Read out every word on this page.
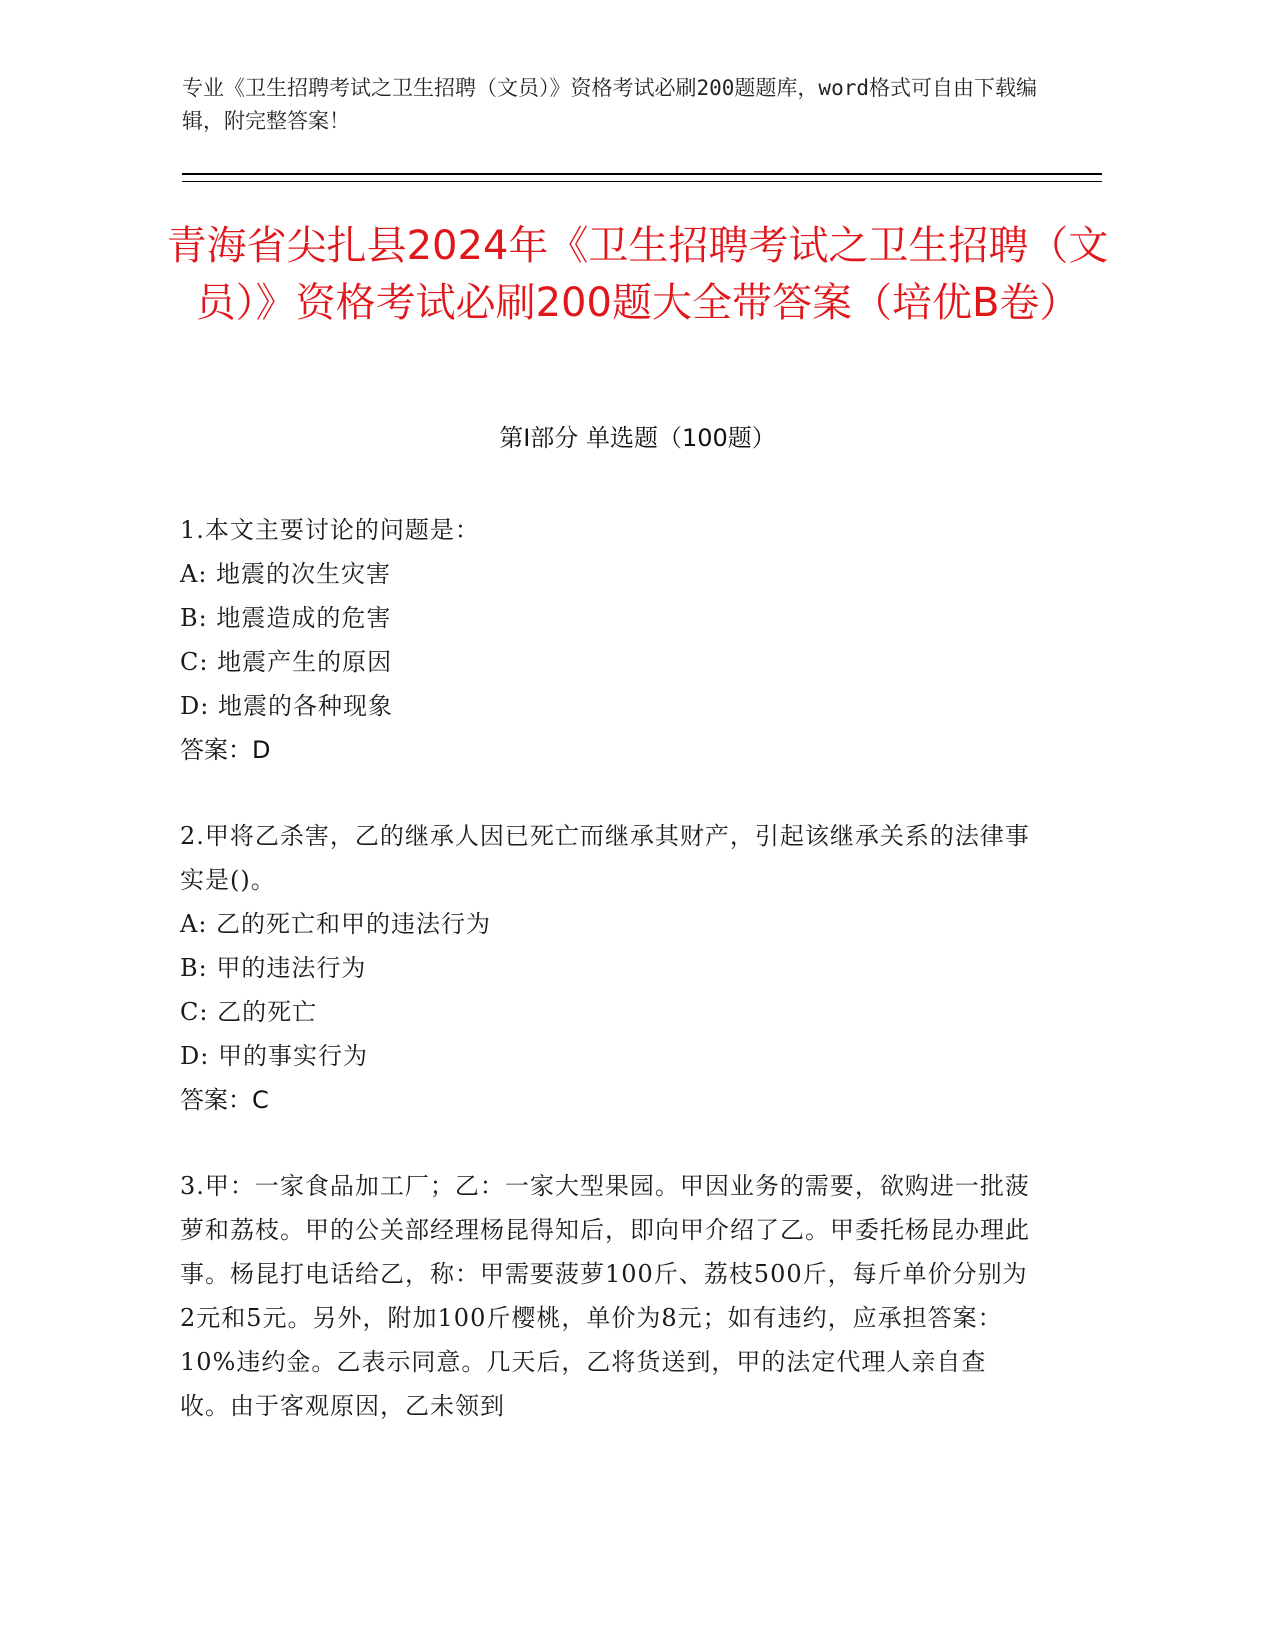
专业《卫生招聘考试之卫生招聘（文员）》资格考试必刷200题题库，word格式可自由下载编辑，附完整答案！
青海省尖扎县2024年《卫生招聘考试之卫生招聘（文员）》资格考试必刷200题大全带答案（培优B卷）
第Ⅰ部分 单选题（100题）
1.本文主要讨论的问题是：
A: 地震的次生灾害
B: 地震造成的危害
C: 地震产生的原因
D: 地震的各种现象
答案：D
2.甲将乙杀害，乙的继承人因已死亡而继承其财产，引起该继承关系的法律事实是()。
A: 乙的死亡和甲的违法行为
B: 甲的违法行为
C: 乙的死亡
D: 甲的事实行为
答案：C
3.甲：一家食品加工厂；乙：一家大型果园。甲因业务的需要，欲购进一批菠萝和荔枝。甲的公关部经理杨昆得知后，即向甲介绍了乙。甲委托杨昆办理此事。杨昆打电话给乙，称：甲需要菠萝100斤、荔枝500斤，每斤单价分别为2元和5元。另外，附加100斤樱桃，单价为8元；如有违约，应承担答案：10%违约金。乙表示同意。几天后，乙将货送到，甲的法定代理人亲自查收。由于客观原因，乙未领到
